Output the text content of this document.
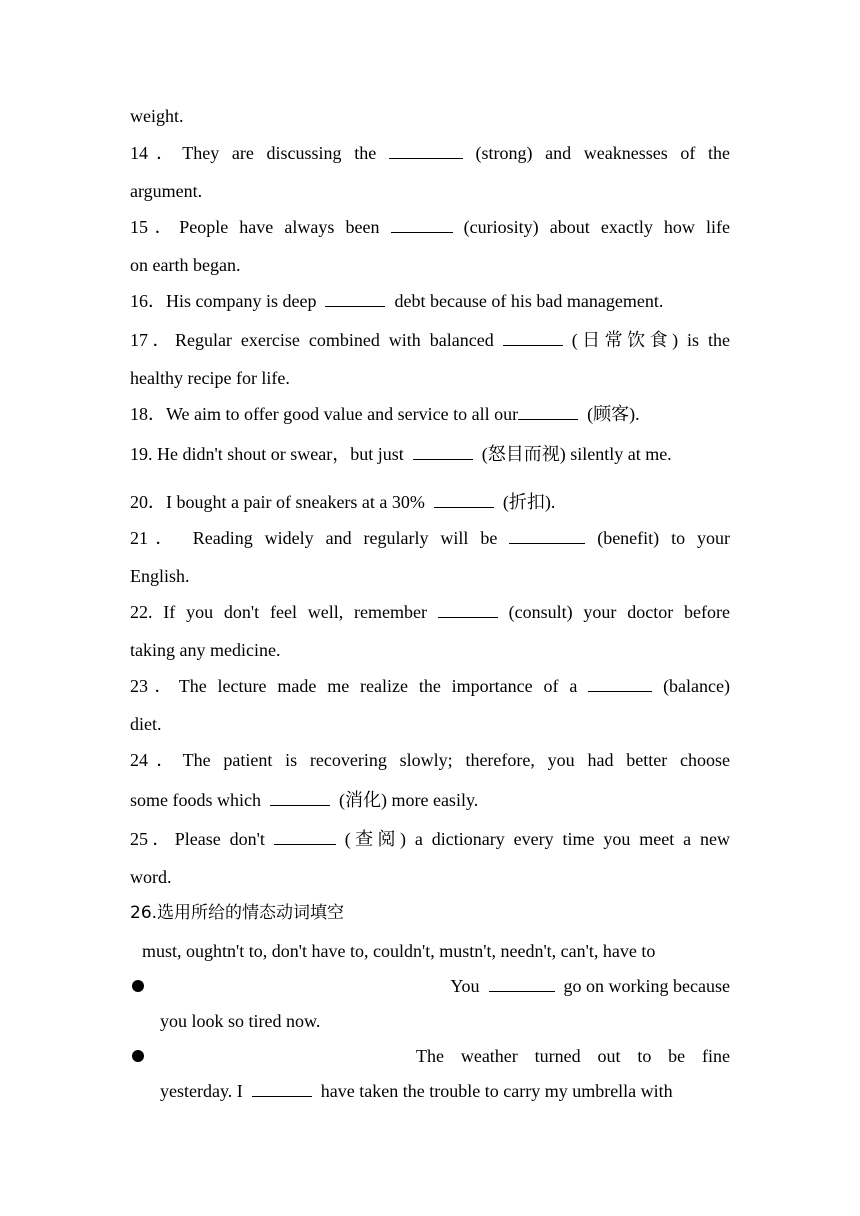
weight.
14．They are discussing the	(strong) and weaknesses of the
argument.
15．People have always been	(curiosity) about exactly how life
on earth began.
16．His company is deep	debt because of his bad management.
17．Regular exercise combined with balanced	(日常饮食) is the
healthy recipe for life.
18．We aim to offer good value and service to all our	(顾客).
19. He didn't shout or swear，but just	(怒目而视) silently at me.
20．I bought a pair of sneakers at a 30%	(折扣).
21． Reading widely and regularly will be	(benefit) to your
English.
22. If you don't feel well, remember	(consult) your doctor before
taking any medicine.
23．The lecture made me realize the importance of a	(balance)
diet.
24．The patient is recovering slowly; therefore, you had better choose
some foods which	(消化) more easily.
25．Please don't	(查阅) a dictionary every time you meet a new
word.
26.选用所给的情态动词填空
must, oughtn't to, don't have to, couldn't, mustn't, needn't, can't, have to
You	go on working because
you look so tired now.
The weather turned out to be fine
yesterday. I	have taken the trouble to carry my umbrella with
